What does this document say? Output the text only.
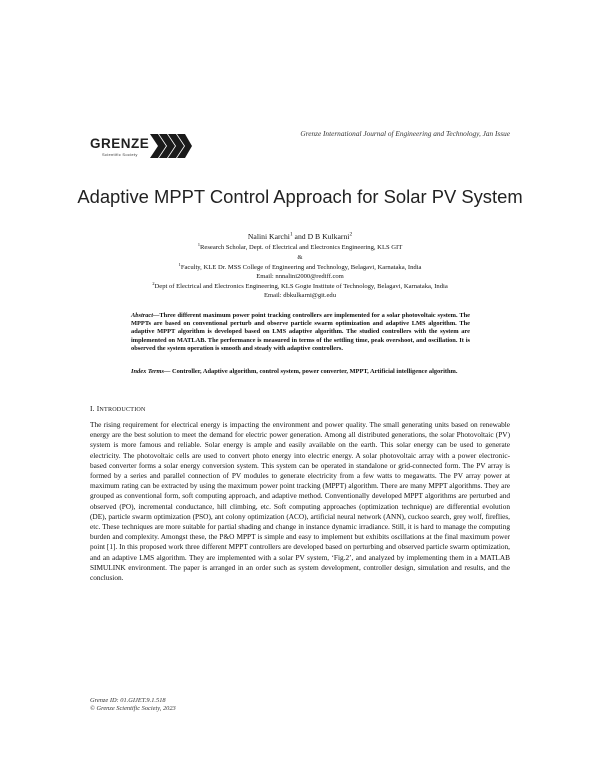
GRENZE
Scientific Society
Grenze International Journal of Engineering and Technology, Jan Issue
Adaptive MPPT Control Approach for Solar PV System
Nalini Karchi$^1$ and D B Kulkarni$^2$
$^1$Research Scholar, Dept. of Electrical and Electronics Engineering, KLS GIT
&
$^1$Faculty, KLE Dr. MSS College of Engineering and Technology, Belagavi, Karnataka, India
Email: nnnalini2000@rediff.com
$^2$Dept of Electrical and Electronics Engineering, KLS Gogte Institute of Technology, Belagavi, Karnataka, India
Email: dbkulkarni@git.edu
Abstract—Three different maximum power point tracking controllers are implemented for a solar photovoltaic system. The MPPTs are based on conventional perturb and observe particle swarm optimization and adaptive LMS algorithm. The adaptive MPPT algorithm is developed based on LMS adaptive algorithm. The studied controllers with the system are implemented on MATLAB. The performance is measured in terms of the settling time, peak overshoot, and oscillation. It is observed the system operation is smooth and steady with adaptive controllers.
Index Terms— Controller, Adaptive algorithm, control system, power converter, MPPT, Artificial intelligence algorithm.
I. INTRODUCTION
The rising requirement for electrical energy is impacting the environment and power quality. The small generating units based on renewable energy are the best solution to meet the demand for electric power generation. Among all distributed generations, the solar Photovoltaic (PV) system is more famous and reliable. Solar energy is ample and easily available on the earth. This solar energy can be used to generate electricity. The photovoltaic cells are used to convert photo energy into electric energy. A solar photovoltaic array with a power electronic-based converter forms a solar energy conversion system. This system can be operated in standalone or grid-connected form. The PV array is formed by a series and parallel connection of PV modules to generate electricity from a few watts to megawatts. The PV array power at maximum rating can be extracted by using the maximum power point tracking (MPPT) algorithm. There are many MPPT algorithms. They are grouped as conventional form, soft computing approach, and adaptive method. Conventionally developed MPPT algorithms are perturbed and observed (PO), incremental conductance, hill climbing, etc. Soft computing approaches (optimization technique) are differential evolution (DE), particle swarm optimization (PSO), ant colony optimization (ACO), artificial neural network (ANN), cuckoo search, grey wolf, fireflies, etc. These techniques are more suitable for partial shading and change in instance dynamic irradiance. Still, it is hard to manage the computing burden and complexity. Amongst these, the P&O MPPT is simple and easy to implement but exhibits oscillations at the final maximum power point [1]. In this proposed work three different MPPT controllers are developed based on perturbing and observed particle swarm optimization, and an adaptive LMS algorithm. They are implemented with a solar PV system, ‘Fig.2’, and analyzed by implementing them in a MATLAB SIMULINK environment. The paper is arranged in an order such as system development, controller design, simulation and results, and the conclusion.
Grenze ID: 01.GIJET.9.1.518
© Grenze Scientific Society, 2023
